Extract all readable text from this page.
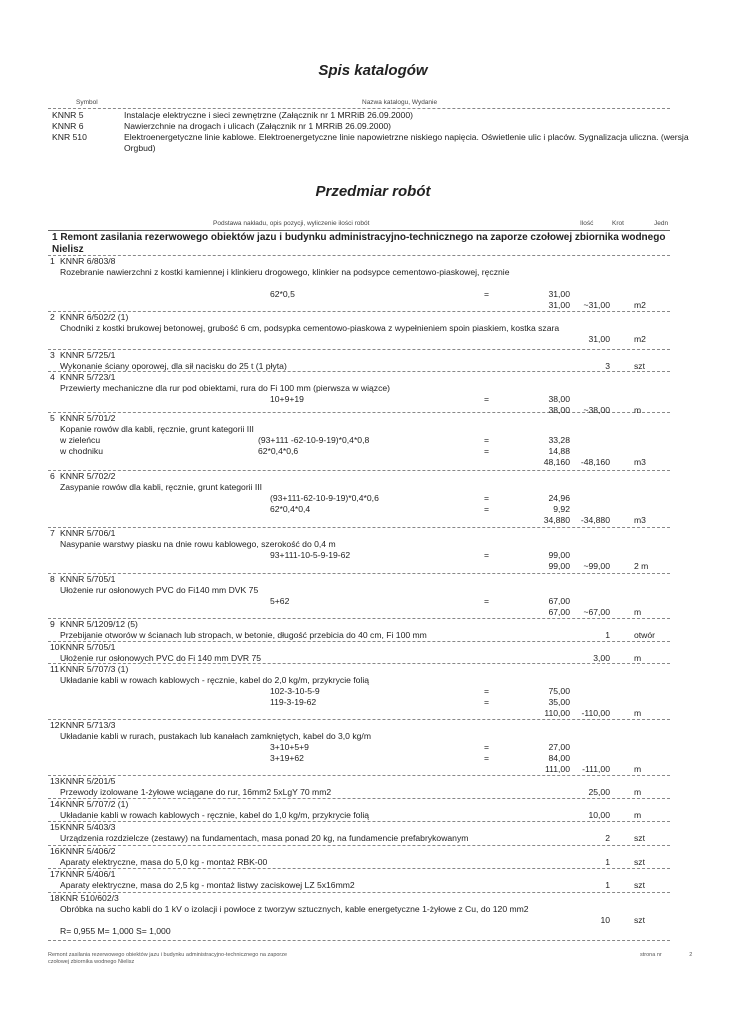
Spis katalogów
Symbol	Nazwa katalogu, Wydanie
KNNR 5	Instalacje elektryczne i sieci zewnętrzne (Załącznik nr 1 MRRiB 26.09.2000)
KNNR 6	Nawierzchnie na drogach i ulicach (Załącznik nr 1 MRRiB 26.09.2000)
KNR 510	Elektroenergetyczne linie kablowe. Elektroenergetyczne linie napowietrzne niskiego napięcia. Oświetlenie ulic i placów. Sygnalizacja uliczna. (wersja Orgbud)
Przedmiar robót
Podstawa nakładu, opis pozycji, wyliczenie ilości robót	Ilość	Krot	Jedn
1 Remont zasilania rezerwowego obiektów jazu i budynku administracyjno-technicznego na zaporze czołowej zbiornika wodnego Nielisz
1 KNNR 6/803/8
Rozebranie nawierzchni z kostki kamiennej i klinkieru drogowego, klinkier na podsypce cementowo-piaskowej, ręcznie
62*0,5	=	31,00
31,00	~31,00	m2
2 KNNR 6/502/2 (1)
Chodniki z kostki brukowej betonowej, grubość 6 cm, podsypka cementowo-piaskowa z wypełnieniem spoin piaskiem, kostka szara
31,00	m2
3 KNNR 5/725/1
Wykonanie ściany oporowej, dla sił nacisku do 25 t (1 płyta)	3	szt
4 KNNR 5/723/1
Przewierty mechaniczne dla rur pod obiektami, rura do Fi 100 mm (pierwsza w wiązce)
10+9+19	=	38,00
38,00	~38,00	m
5 KNNR 5/701/2
Kopanie rowów dla kabli, ręcznie, grunt kategorii III
w zieleńcu	(93+111 -62-10-9-19)*0,4*0,8	=	33,28
w chodniku	62*0,4*0,6	=	14,88
48,160	-48,160	m3
6 KNNR 5/702/2
Zasypanie rowów dla kabli, ręcznie, grunt kategorii III
(93+111-62-10-9-19)*0,4*0,6	=	24,96
62*0,4*0,4	=	9,92
34,880	-34,880	m3
7 KNNR 5/706/1
Nasypanie warstwy piasku na dnie rowu kablowego, szerokość do 0,4 m
93+111-10-5-9-19-62	=	99,00
99,00	~99,00	2 m
8 KNNR 5/705/1
Ułożenie rur osłonowych PVC do Fi140 mm DVK 75
5+62	=	67,00
67,00	~67,00	m
9 KNNR 5/1209/12 (5)
Przebijanie otworów w ścianach lub stropach, w betonie, długość przebicia do 40 cm, Fi 100 mm	1	otwór
10 KNNR 5/705/1
Ułożenie rur osłonowych PVC do Fi 140 mm DVR 75	3,00	m
11 KNNR 5/707/3 (1)
Układanie kabli w rowach kablowych - ręcznie, kabel do 2,0 kg/m, przykrycie folią
102-3-10-5-9	=	75,00
119-3-19-62	=	35,00
110,00	-110,00	m
12 KNNR 5/713/3
Układanie kabli w rurach, pustakach lub kanałach zamkniętych, kabel do 3,0 kg/m
3+10+5+9	=	27,00
3+19+62	=	84,00
111,00	-111,00	m
13 KNNR 5/201/5
Przewody izolowane 1-żyłowe wciągane do rur, 16mm2 5xLgY 70 mm2	25,00	m
14 KNNR 5/707/2 (1)
Układanie kabli w rowach kablowych - ręcznie, kabel do 1,0 kg/m, przykrycie folią	10,00	m
15 KNNR 5/403/3
Urządzenia rozdzielcze (zestawy) na fundamentach, masa ponad 20 kg, na fundamencie prefabrykowanym	2	szt
16 KNNR 5/406/2
Aparaty elektryczne, masa do 5,0 kg - montaż RBK-00	1	szt
17 KNNR 5/406/1
Aparaty elektryczne, masa do 2,5 kg - montaż listwy zaciskowej LZ 5x16mm2	1	szt
18 KNR 510/602/3
Obróbka na sucho kabli do 1 kV o izolacji i powłoce z tworzyw sztucznych, kable energetyczne 1-żyłowe z Cu, do 120 mm2
R= 0,955 M= 1,000 S= 1,000
10	szt
Remont zasilania rezerwowego obiektów jazu i budynku administracyjno-technicznego na zaporze czołowej zbiornika wodnego Nielisz
strona nr	2
